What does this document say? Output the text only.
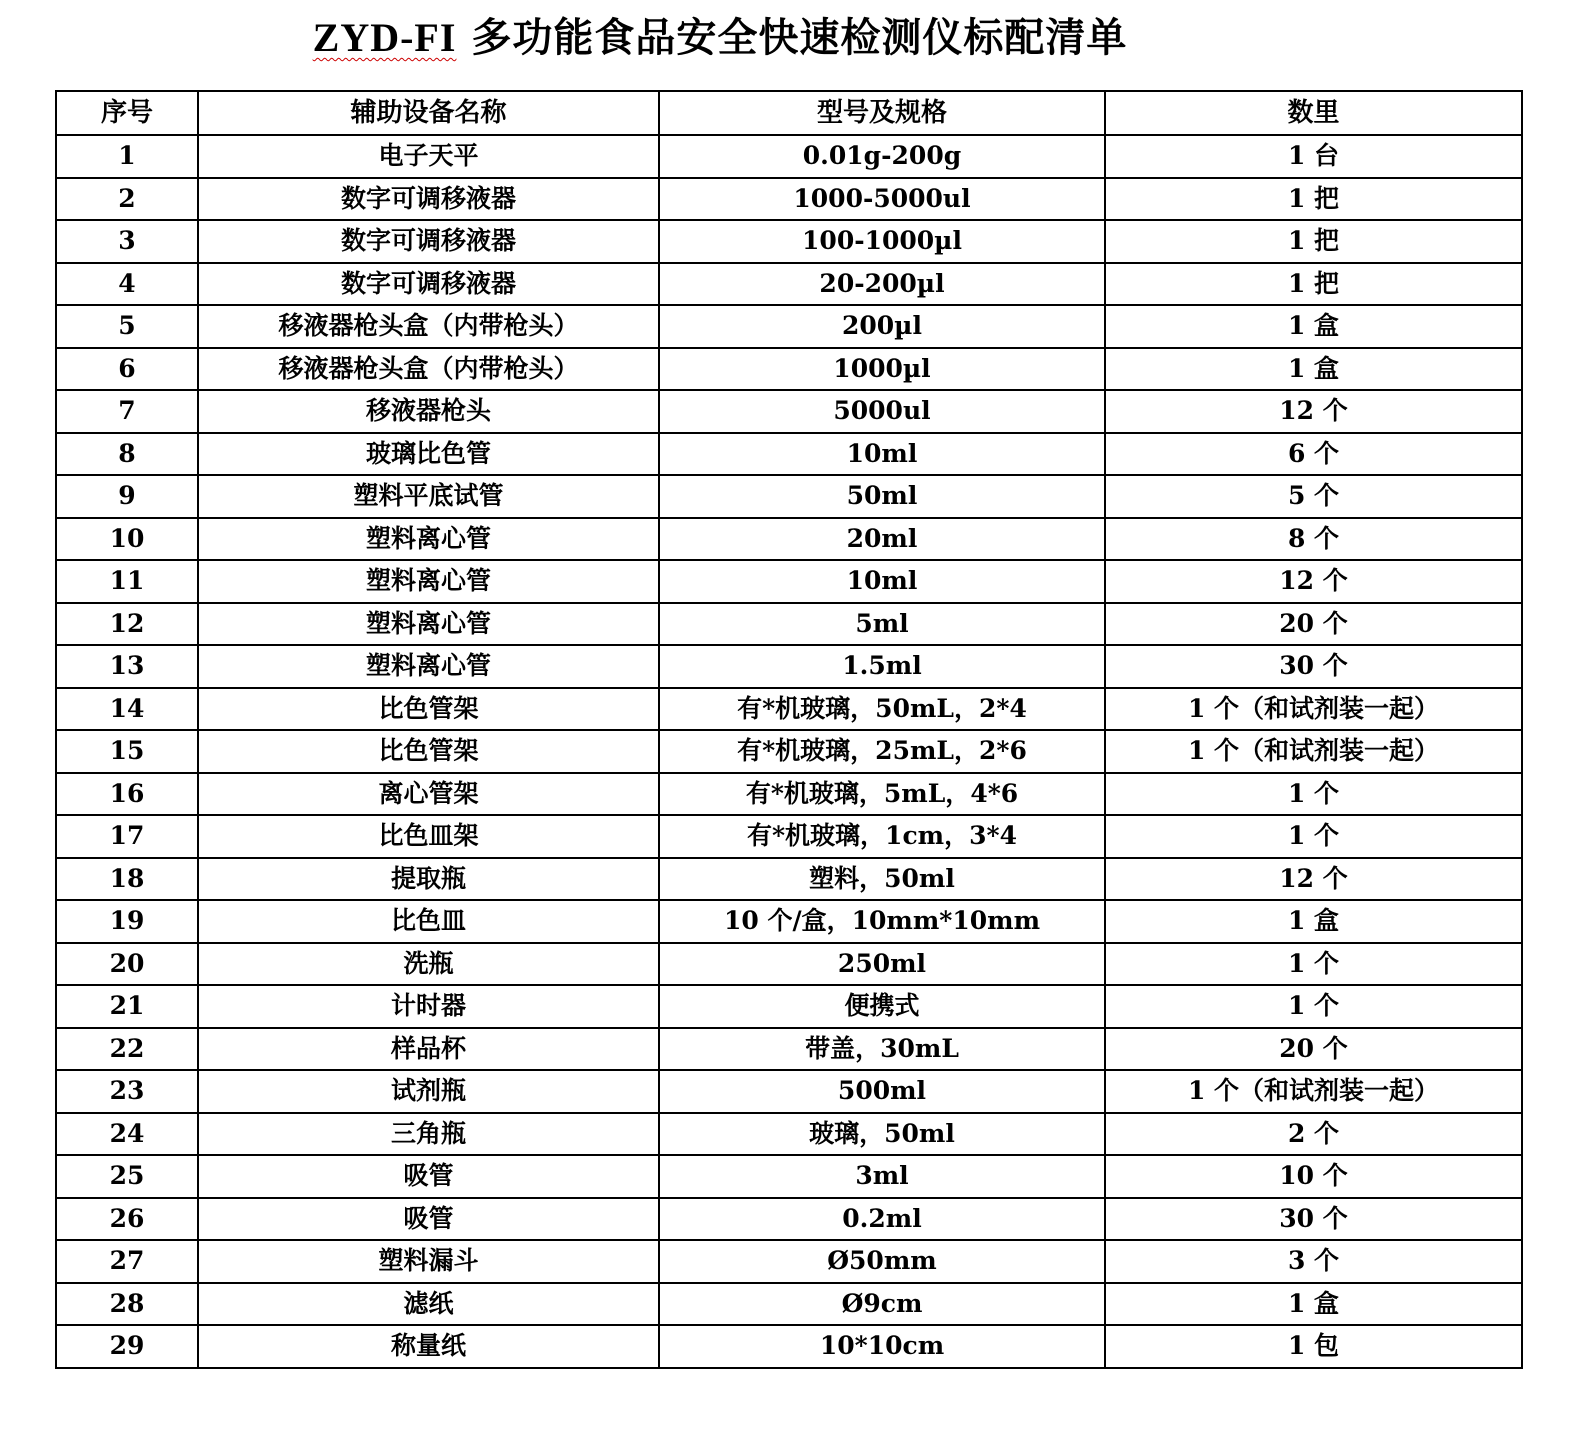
ZYD-FI 多功能食品安全快速检测仪标配清单
序号	辅助设备名称	型号及规格	数里
1	电子天平	0.01g-200g	1 台
2	数字可调移液器	1000-5000ul	1 把
3	数字可调移液器	100-1000µl	1 把
4	数字可调移液器	20-200µl	1 把
5	移液器枪头盒（内带枪头）	200µl	1 盒
6	移液器枪头盒（内带枪头）	1000µl	1 盒
7	移液器枪头	5000ul	12 个
8	玻璃比色管	10ml	6 个
9	塑料平底试管	50ml	5 个
10	塑料离心管	20ml	8 个
11	塑料离心管	10ml	12 个
12	塑料离心管	5ml	20 个
13	塑料离心管	1.5ml	30 个
14	比色管架	有*机玻璃，50mL，2*4	1 个（和试剂装一起）
15	比色管架	有*机玻璃，25mL，2*6	1 个（和试剂装一起）
16	离心管架	有*机玻璃，5mL，4*6	1 个
17	比色皿架	有*机玻璃，1cm，3*4	1 个
18	提取瓶	塑料，50ml	12 个
19	比色皿	10 个/盒，10mm*10mm	1 盒
20	洗瓶	250ml	1 个
21	计时器	便携式	1 个
22	样品杯	带盖，30mL	20 个
23	试剂瓶	500ml	1 个（和试剂装一起）
24	三角瓶	玻璃，50ml	2 个
25	吸管	3ml	10 个
26	吸管	0.2ml	30 个
27	塑料漏斗	Ø50mm	3 个
28	滤纸	Ø9cm	1 盒
29	称量纸	10*10cm	1 包
